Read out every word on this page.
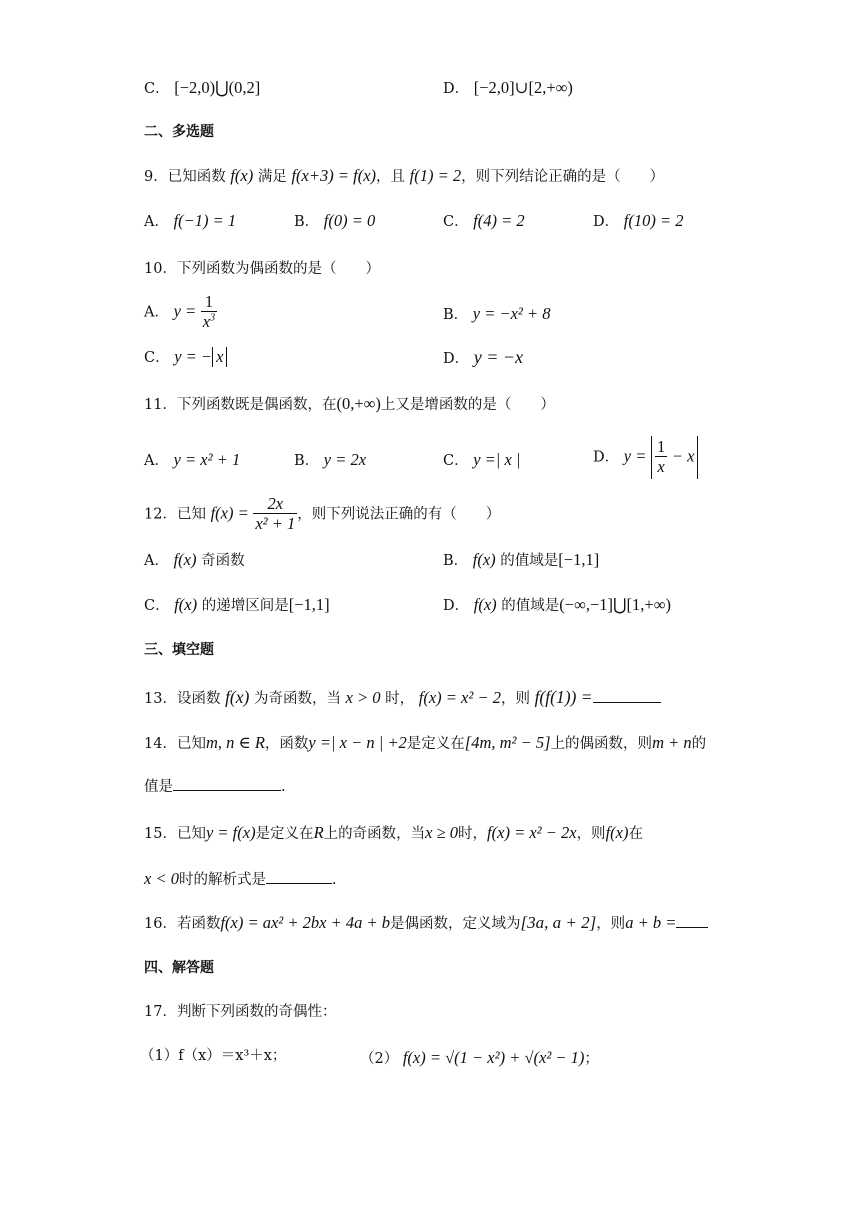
C． [−2,0)⋃(0,2]	D． [−2,0]∪[2,+∞)
二、多选题
9．已知函数 f(x) 满足 f(x+3) = f(x)，且 f(1) = 2，则下列结论正确的是（　　）
A． f(−1) = 1	B． f(0) = 0	C． f(4) = 2	D． f(10) = 2
10．下列函数为偶函数的是（　　）
A． $y = \frac{1}{x^3}$	B． y = −x² + 8
C． y = − x	D． y = −x
11．下列函数既是偶函数，在(0,+∞)上又是增函数的是（　　）
A． y = x² + 1	B． y = 2x	C． y =| x |	D． $y = \frac{1}{x} - x$
12．已知 $f(x) = \frac{2x}{\text{x² + 1}}$ ，则下列说法正确的有（　　）
A． f(x) 奇函数	B． f(x) 的值域是[−1,1]
C． f(x) 的递增区间是[−1,1]	D． f(x) 的值域是(−∞,−1]⋃[1,+∞)
三、填空题
13．设函数 f(x) 为奇函数，当 x > 0 时， f(x) = x² − 2，则 f(f(1)) =
14．已知m, n ∈ R，函数y =| x − n | +2是定义在[4m, m² − 5]上的偶函数，则m + n的
值是	.
15．已知y = f(x)是定义在R上的奇函数，当x ≥ 0时，f(x) = x² − 2x，则f(x)在
x < 0时的解析式是	.
16．若函数f(x) = ax² + 2bx + 4a + b是偶函数，定义域为[3a, a + 2]，则a + b =
四、解答题
17．判断下列函数的奇偶性：
（1）f（x）＝x³＋x；	（2） f(x) = √(1 − x²) + √(x² − 1)；
